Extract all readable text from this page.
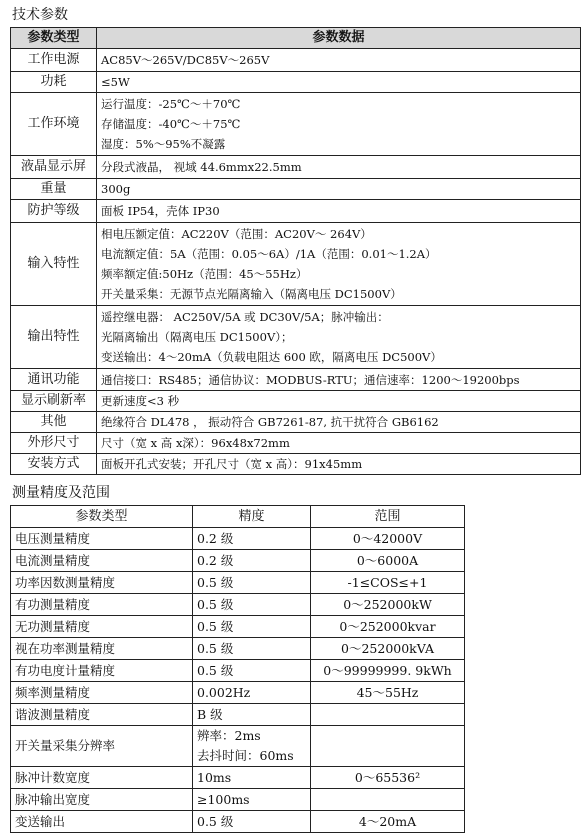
技术参数
参数类型	参数数据
工作电源	AC85V～265V/DC85V～265V

功耗	≤5W

工作环境	运行温度：-25℃～＋70℃
存储温度：-40℃～＋75℃
湿度：5%～95%不凝露

液晶显示屏	分段式液晶， 视域 44.6mmx22.5mm

重量	300g

防护等级	面板 IP54，壳体 IP30

输入特性	相电压额定值：AC220V（范围：AC20V～ 264V）
电流额定值：5A（范围：0.05～6A）/1A（范围：0.01～1.2A）
频率额定值:50Hz（范围：45～55Hz）
开关量采集：无源节点光隔离输入（隔离电压 DC1500V）

输出特性	遥控继电器： AC250V/5A 或 DC30V/5A；脉冲输出：
光隔离输出（隔离电压 DC1500V）；
变送输出：4～20mA（负载电阻达 600 欧，隔离电压 DC500V）

通讯功能	通信接口：RS485；通信协议：MODBUS-RTU；通信速率：1200～19200bps

显示刷新率	更新速度<3 秒

其他	绝缘符合 DL478 ， 振动符合 GB7261-87, 抗干扰符合 GB6162

外形尺寸	尺寸（宽 x 高 x深）：96x48x72mm

安装方式	面板开孔式安装；开孔尺寸（宽 x 高）：91x45mm
测量精度及范围
参数类型	精度	范围
电压测量精度	0.2 级	0～42000V
电流测量精度	0.2 级	0～6000A
功率因数测量精度	0.5 级	-1≤COS≤+1
有功测量精度	0.5 级	0～252000kW
无功测量精度	0.5 级	0～252000kvar
视在功率测量精度	0.5 级	0～252000kVA
有功电度计量精度	0.5 级	0～99999999. 9kWh
频率测量精度	0.002Hz	45～55Hz
谐波测量精度	B 级	

开关量采集分辨率	辨率：2ms
去抖时间：60ms	

脉冲计数宽度	10ms	0～65536²
脉冲输出宽度	≥100ms	

变送输出	0.5 级	4～20mA
